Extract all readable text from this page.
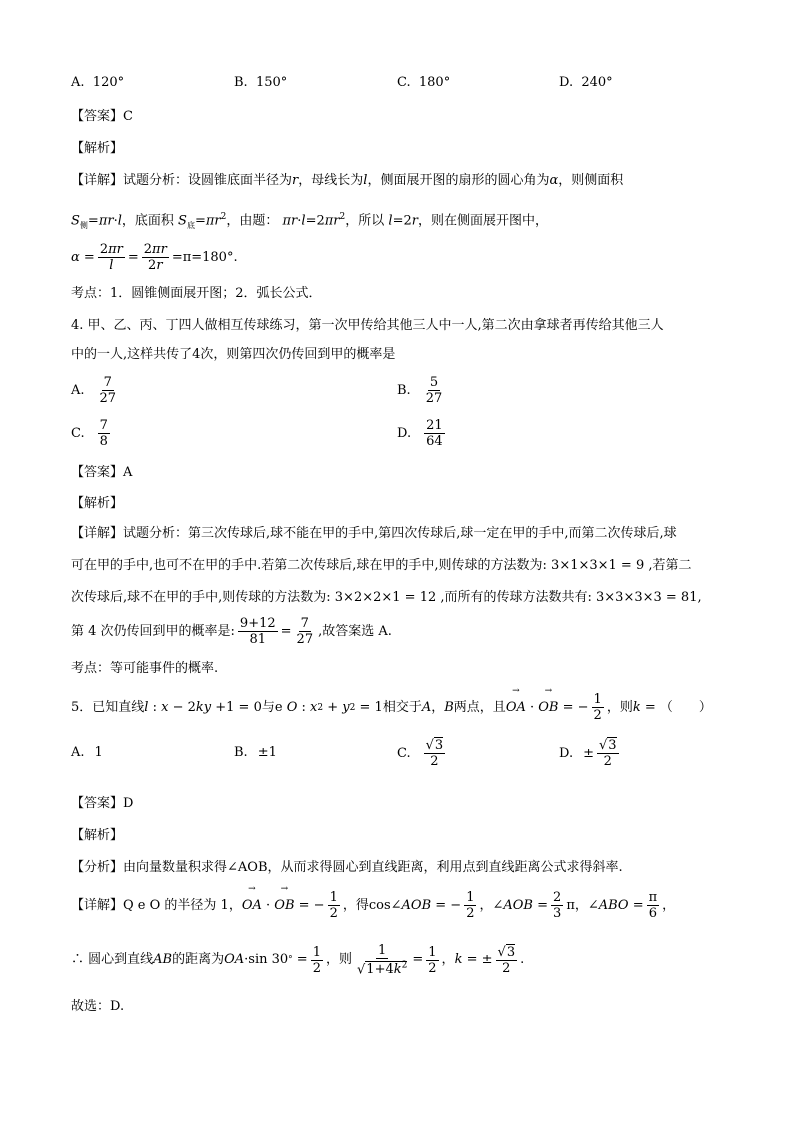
A. 120°	B. 150°	C. 180°	D. 240°
【答案】C
【解析】
【详解】试题分析：设圆锥底面半径为r，母线长为l，侧面展开图的扇形的圆心角为α，则侧面积
$S_侧=\pi r\cdot l$，底面积 $S_底=\pi r^2$，由题： $\pi r\cdot l=2\pi r^2$，所以 l=2r，则在侧面展开图中，
$\alpha = \frac{2\pi r}{l} = \frac{2\pi r}{2r} =\pi=180^\circ$.
考点：1．圆锥侧面展开图；2．弧长公式．
4. 甲、乙、丙、丁四人做相互传球练习，第一次甲传给其他三人中一人,第二次由拿球者再传给其他三人
中的一人,这样共传了4次，则第四次仍传回到甲的概率是
A. $\frac{7}{27}$	B. $\frac{5}{27}$
C. $\frac{7}{8}$	D. $\frac{21}{64}$
【答案】A
【解析】
【详解】试题分析：第三次传球后,球不能在甲的手中,第四次传球后,球一定在甲的手中,而第二次传球后,球
可在甲的手中,也可不在甲的手中.若第二次传球后,球在甲的手中,则传球的方法数为: 3×1×3×1 = 9 ,若第二
次传球后,球不在甲的手中,则传球的方法数为: 3×2×2×1 = 12 ,而所有的传球方法数共有: 3×3×3×3 = 81,
第 4 次仍传回到甲的概率是: $\frac{9+12}{81} = \frac{7}{27}$ ,故答案选 A.
考点：等可能事件的概率.
5．已知直线 l : x − 2 ky +1 = 0 与 e O : x 2 + y 2 = 1 相交于 A ， B 两点，且 → OA · → OB = − $\frac{1}{2}$ ，则 k = （　　）
A. 1	B. ±1	C. $\frac{√3}{2}$	D. ± $\frac{√3}{2}$
【答案】D
【解析】
【分析】由向量数量积求得∠AOB，从而求得圆心到直线距离，利用点到直线距离公式求得斜率.
【详解】 Q e O 的半径为 1， → OA · → OB = − $\frac{1}{2}$ ，得 cos∠ AOB = − $\frac{1}{2}$ ，∠ AOB = $\frac{2}{3}$ π，∠ ABO = $\frac{\pi}{6}$ ，
∴ 圆心到直线 AB 的距离为 OA ·sin 30 ° = $\frac{1}{2}$ ，则 $\frac{1}{√1+4k^2} = \frac{1}{2}$ ， k = ± $\frac{√3}{2}$ .
故选：D.
